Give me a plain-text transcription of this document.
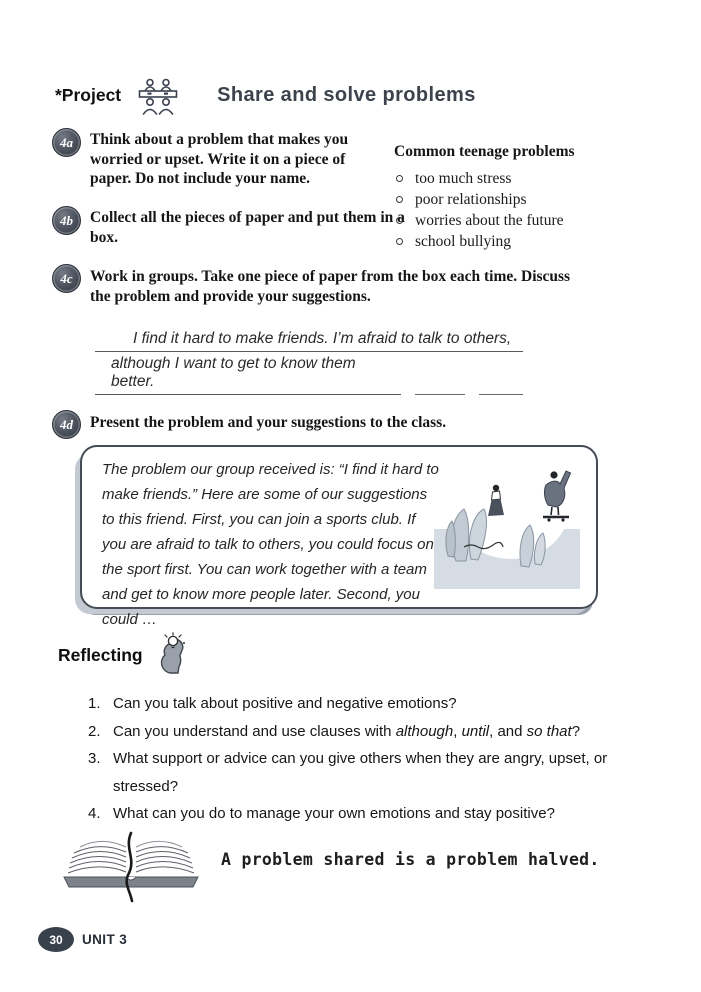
*Project	Share and solve problems
4a Think about a problem that makes you worried or upset. Write it on a piece of paper. Do not include your name.
Common teenage problems
too much stress
poor relationships
worries about the future
school bullying
4b Collect all the pieces of paper and put them in a box.
4c Work in groups. Take one piece of paper from the box each time. Discuss the problem and provide your suggestions.
I find it hard to make friends. I’m afraid to talk to others,
although I want to get to know them better.
4d Present the problem and your suggestions to the class.
The problem our group received is: “I find it hard to make friends.” Here are some of our suggestions to this friend. First, you can join a sports club. If you are afraid to talk to others, you could focus on the sport first. You can work together with a team and get to know more people later. Second, you could …
Reflecting
1. Can you talk about positive and negative emotions?
2. Can you understand and use clauses with although, until, and so that?
3. What support or advice can you give others when they are angry, upset, or stressed?
4. What can you do to manage your own emotions and stay positive?
A problem shared is a problem halved.
30	UNIT 3
